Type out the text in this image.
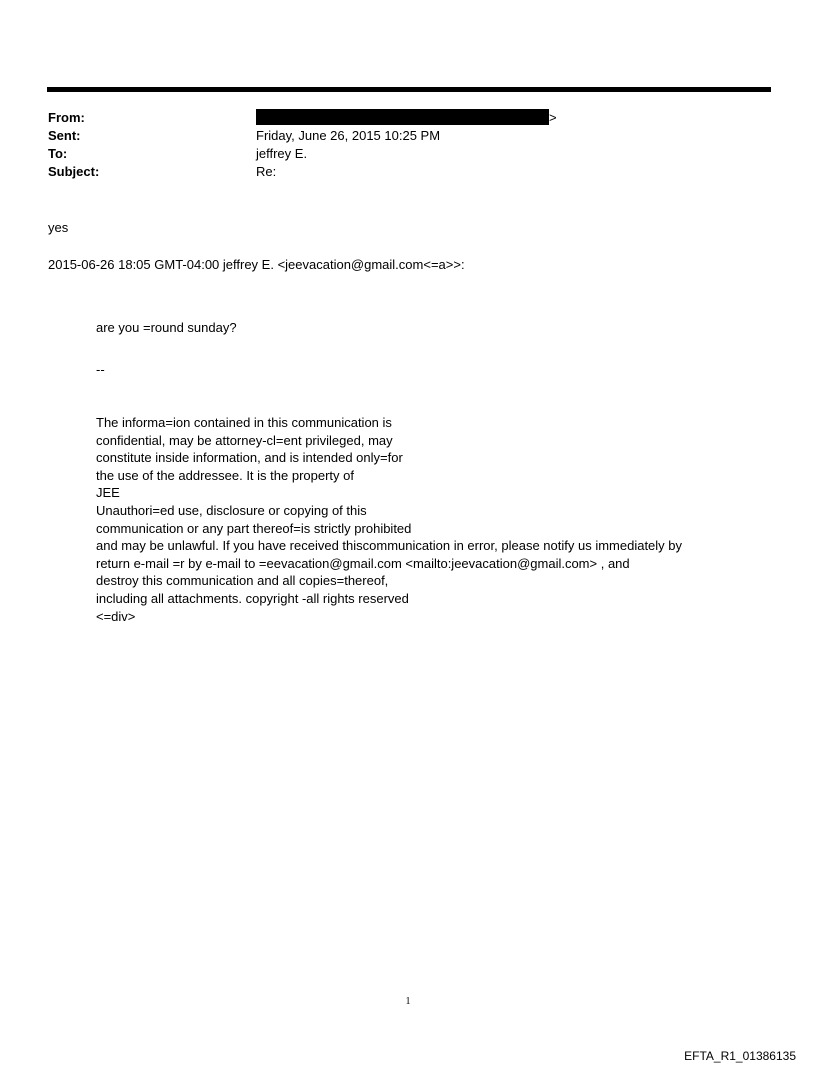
From:	>
Sent:	Friday, June 26, 2015 10:25 PM
To:	jeffrey E.
Subject:	Re:
yes
2015-06-26 18:05 GMT-04:00 jeffrey E. <jeevacation@gmail.com<=a>>:
are you =round sunday?
--
The informa=ion contained in this communication is
confidential, may be attorney-cl=ent privileged, may
constitute inside information, and is intended only=for
the use of the addressee. It is the property of
JEE
Unauthori=ed use, disclosure or copying of this
communication or any part thereof=is strictly prohibited
and may be unlawful. If you have received thiscommunication in error, please notify us immediately by
return e-mail =r by e-mail to =eevacation@gmail.com <mailto:jeevacation@gmail.com> , and
destroy this communication and all copies=thereof,
including all attachments. copyright -all rights reserved
<=div>
1
EFTA_R1_01386135
